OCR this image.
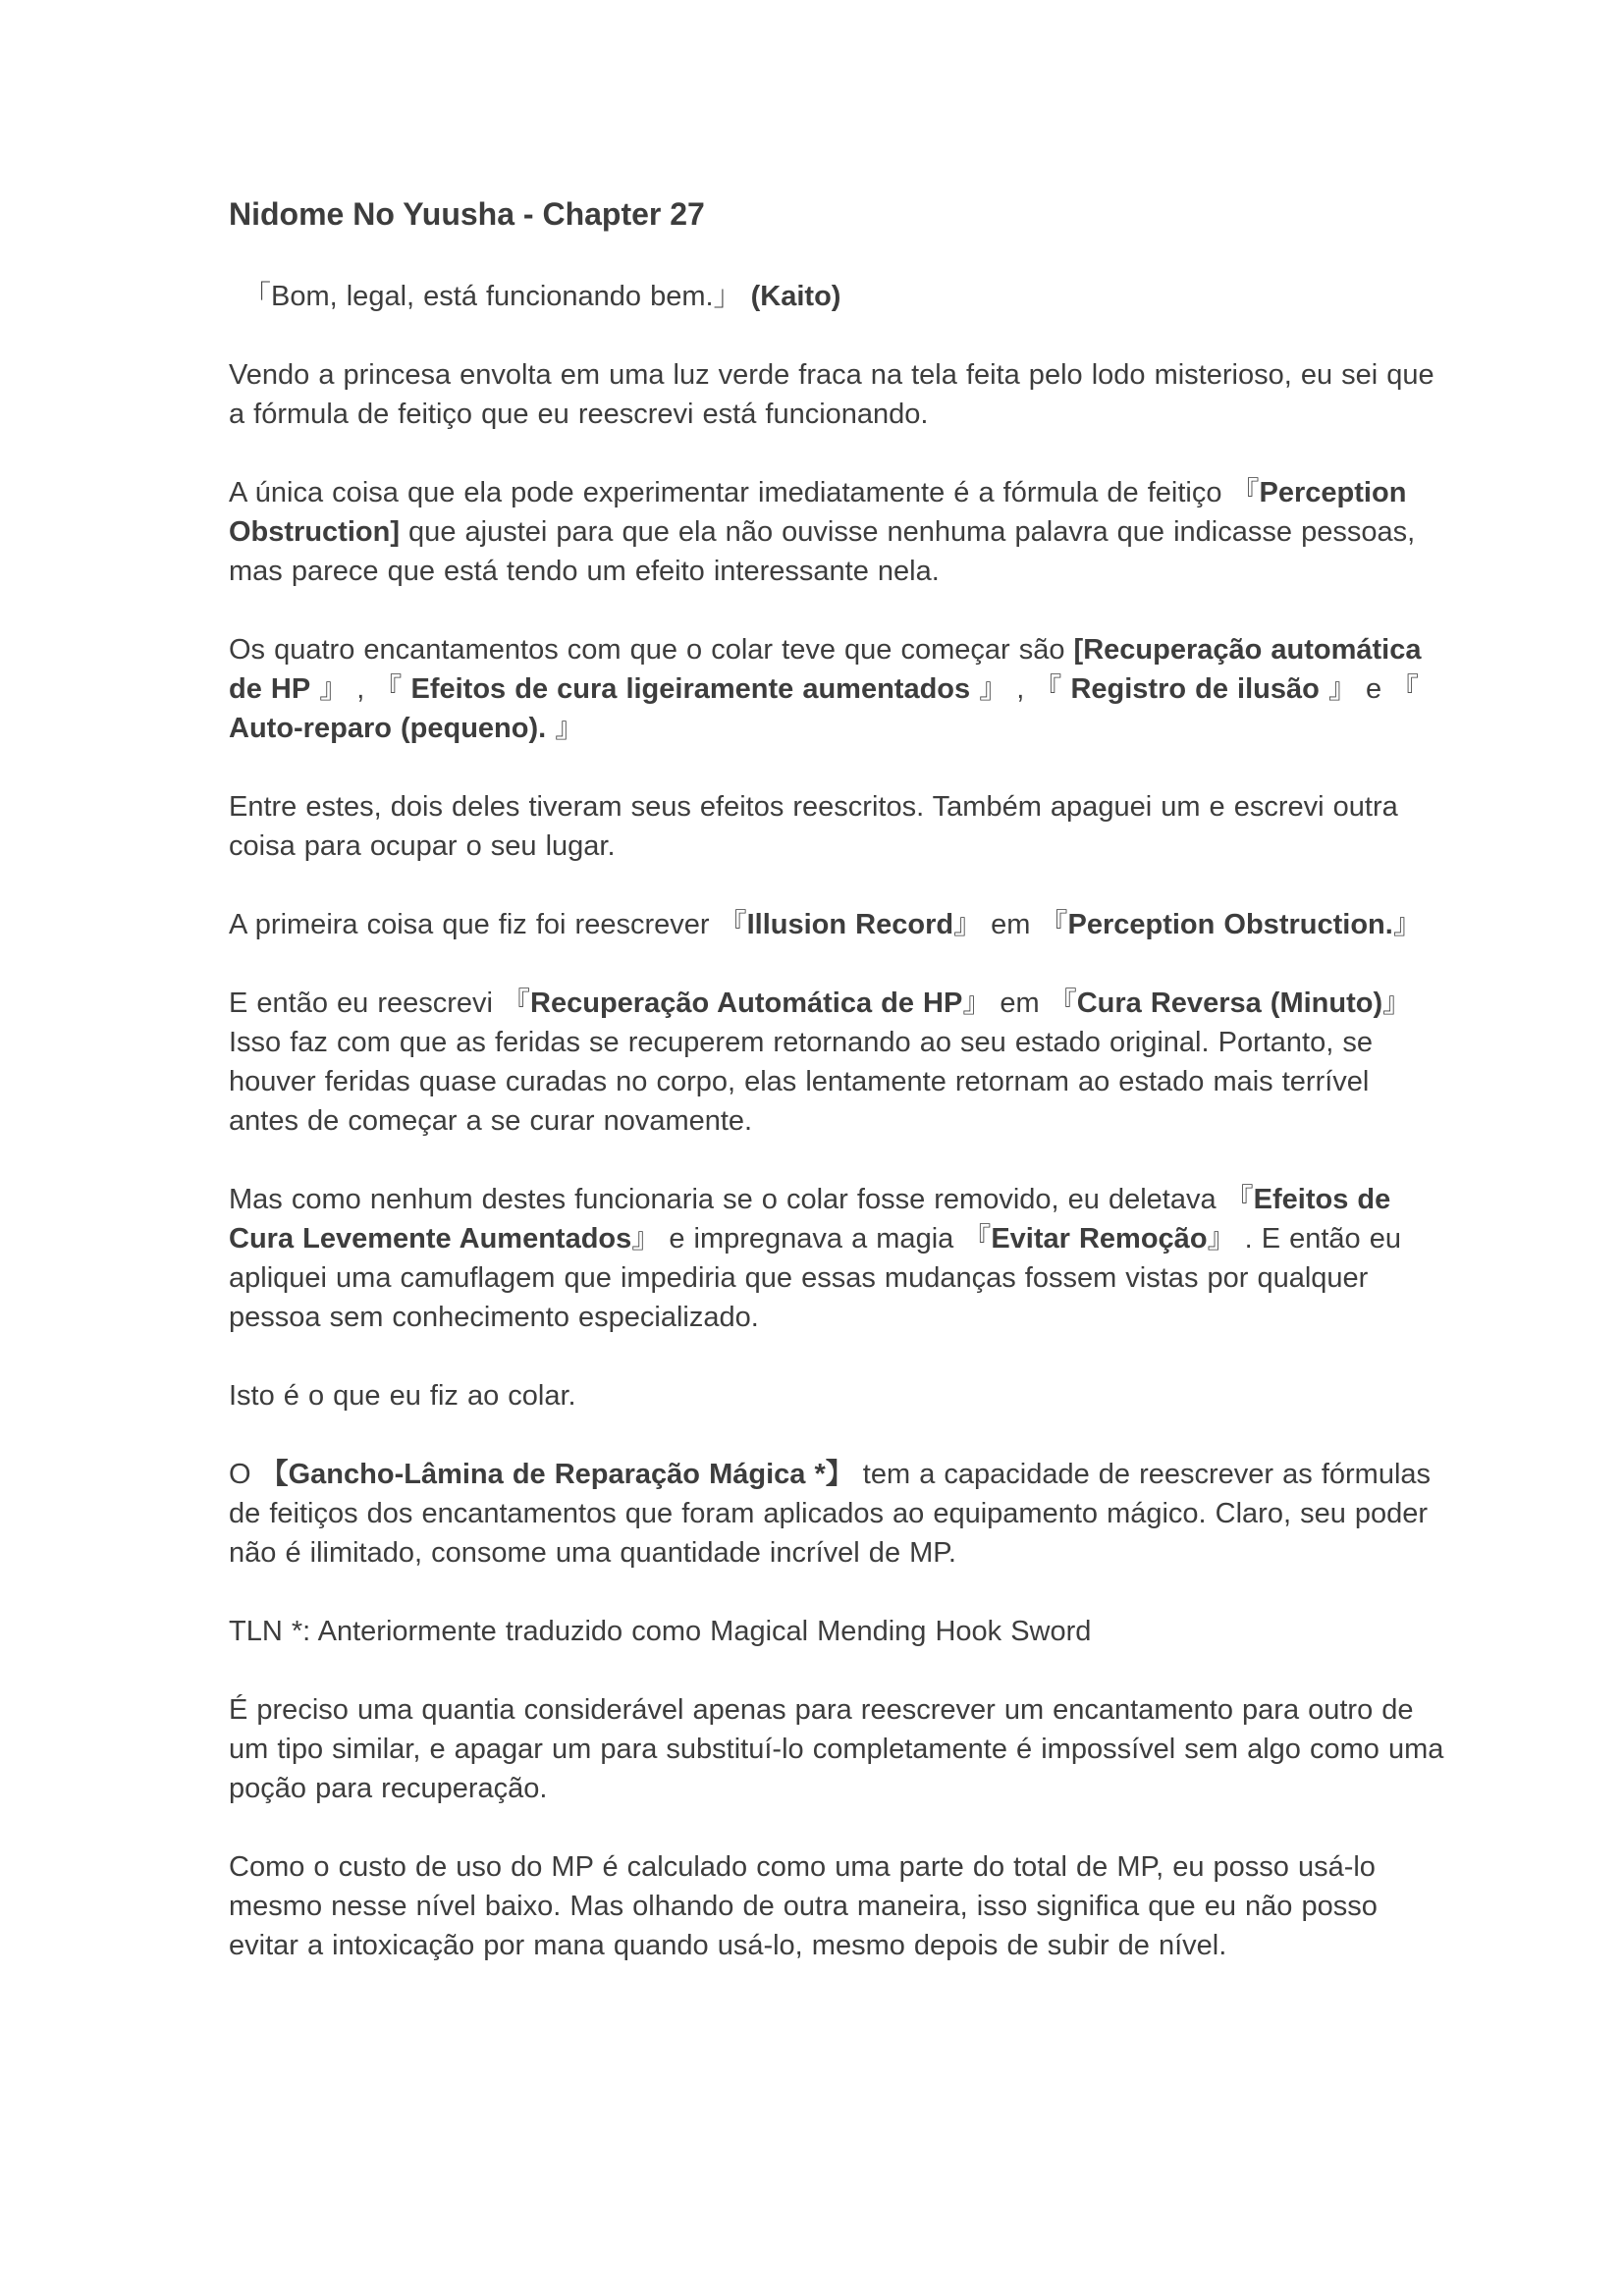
Nidome No Yuusha - Chapter 27

「Bom, legal, está funcionando bem.」 (Kaito)

Vendo a princesa envolta em uma luz verde fraca na tela feita pelo lodo misterioso, eu sei que a fórmula de feitiço que eu reescrevi está funcionando.

A única coisa que ela pode experimentar imediatamente é a fórmula de feitiço 『Perception Obstruction] que ajustei para que ela não ouvisse nenhuma palavra que indicasse pessoas, mas parece que está tendo um efeito interessante nela.

Os quatro encantamentos com que o colar teve que começar são [Recuperação automática de HP 』 , 『 Efeitos de cura ligeiramente aumentados 』 , 『 Registro de ilusão 』 e 『 Auto-reparo (pequeno). 』

Entre estes, dois deles tiveram seus efeitos reescritos. Também apaguei um e escrevi outra coisa para ocupar o seu lugar.

A primeira coisa que fiz foi reescrever 『Illusion Record』 em 『Perception Obstruction.』

E então eu reescrevi 『Recuperação Automática de HP』 em 『Cura Reversa (Minuto)』 Isso faz com que as feridas se recuperem retornando ao seu estado original. Portanto, se houver feridas quase curadas no corpo, elas lentamente retornam ao estado mais terrível antes de começar a se curar novamente.

Mas como nenhum destes funcionaria se o colar fosse removido, eu deletava 『Efeitos de Cura Levemente Aumentados』 e impregnava a magia 『Evitar Remoção』 . E então eu apliquei uma camuflagem que impediria que essas mudanças fossem vistas por qualquer pessoa sem conhecimento especializado.

Isto é o que eu fiz ao colar.

O 【Gancho-Lâmina de Reparação Mágica *】 tem a capacidade de reescrever as fórmulas de feitiços dos encantamentos que foram aplicados ao equipamento mágico. Claro, seu poder não é ilimitado, consome uma quantidade incrível de MP.

TLN *: Anteriormente traduzido como Magical Mending Hook Sword

É preciso uma quantia considerável apenas para reescrever um encantamento para outro de um tipo similar, e apagar um para substituí-lo completamente é impossível sem algo como uma poção para recuperação.

Como o custo de uso do MP é calculado como uma parte do total de MP, eu posso usá-lo mesmo nesse nível baixo. Mas olhando de outra maneira, isso significa que eu não posso evitar a intoxicação por mana quando usá-lo, mesmo depois de subir de nível.
